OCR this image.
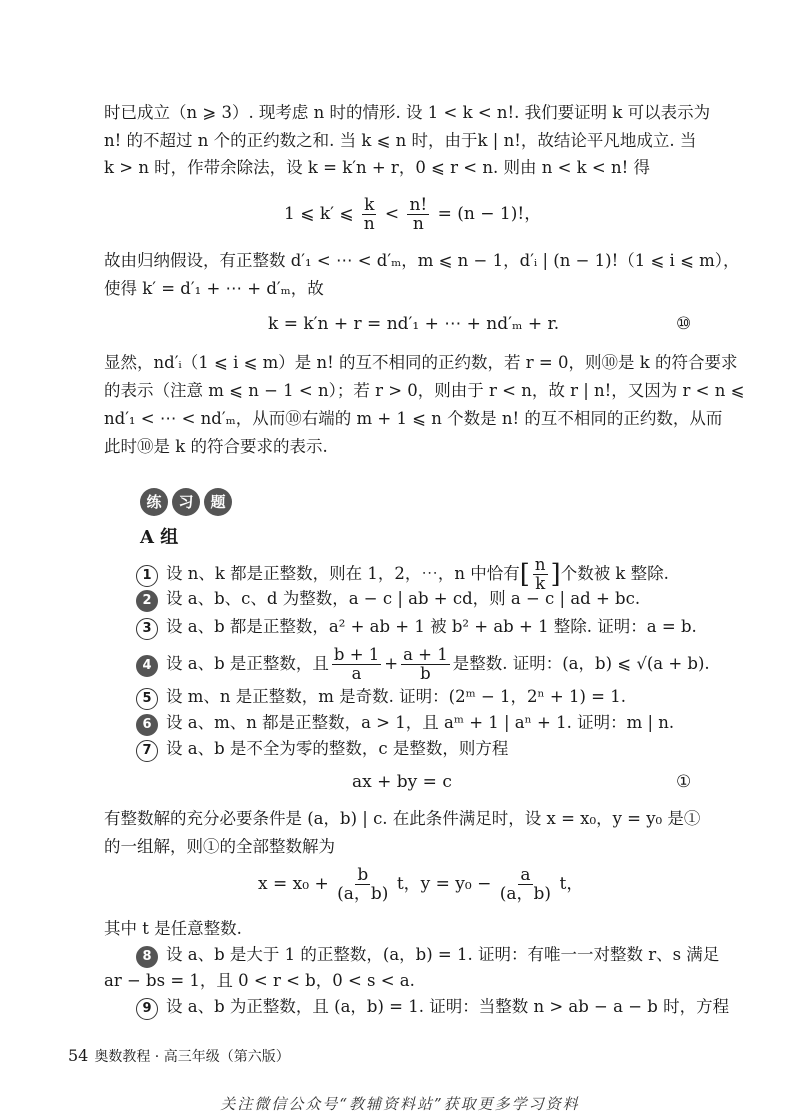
时已成立（n ⩾ 3）. 现考虑 n 时的情形. 设 1 < k < n!. 我们要证明 k 可以表示为
n! 的不超过 n 个的正约数之和. 当 k ⩽ n 时，由于k | n!，故结论平凡地成立. 当
k > n 时，作带余除法，设 k = k′n + r，0 ⩽ r < n. 则由 n < k < n! 得
1 ⩽ k′ ⩽ $\frac{k}{n} < \frac{n!}{n} = (n - 1)$!，
故由归纳假设，有正整数 d′₁ < ⋯ < d′ₘ，m ⩽ n − 1，d′ᵢ | (n − 1)!（1 ⩽ i ⩽ m），
使得 k′ = d′₁ + ⋯ + d′ₘ，故
k = k′n + r = nd′₁ + ⋯ + nd′ₘ + r.	⑩
显然，nd′ᵢ（1 ⩽ i ⩽ m）是 n! 的互不相同的正约数，若 r = 0，则⑩是 k 的符合要求
的表示（注意 m ⩽ n − 1 < n）；若 r > 0，则由于 r < n，故 r | n!，又因为 r < n ⩽
nd′₁ < ⋯ < nd′ₘ，从而⑩右端的 m + 1 ⩽ n 个数是 n! 的互不相同的正约数，从而
此时⑩是 k 的符合要求的表示.
练	习	题
A 组
1 设 n、k 都是正整数，则在 1，2，⋯，n 中恰有[ $\frac{n}{k}$ ]个数被 k 整除.
2 设 a、b、c、d 为整数，a − c | ab + cd，则 a − c | ad + bc.
3 设 a、b 都是正整数，a² + ab + 1 被 b² + ab + 1 整除. 证明：a = b.
4 设 a、b 是正整数，且 $\frac{b + 1}{a} + \frac{a + 1}{b}$ 是整数. 证明：(a，b) ⩽ √(a + b).
5 设 m、n 是正整数，m 是奇数. 证明：(2ᵐ − 1，2ⁿ + 1) = 1.
6 设 a、m、n 都是正整数，a > 1，且 aᵐ + 1 | aⁿ + 1. 证明：m | n.
7 设 a、b 是不全为零的整数，c 是整数，则方程
ax + by = c	①
有整数解的充分必要条件是 (a，b) | c. 在此条件满足时，设 x = x₀，y = y₀ 是①
的一组解，则①的全部整数解为
$x = x_0 + \frac{b}{(a,b)}$ t，$y = y_0 - \frac{a}{(a,b)}$ t，
其中 t 是任意整数.
8 设 a、b 是大于 1 的正整数，(a，b) = 1. 证明：有唯一一对整数 r、s 满足
ar − bs = 1，且 0 < r < b，0 < s < a.
9 设 a、b 为正整数，且 (a，b) = 1. 证明：当整数 n > ab − a − b 时，方程
54 奥数教程 · 高三年级（第六版）
关注微信公众号“教辅资料站”获取更多学习资料
